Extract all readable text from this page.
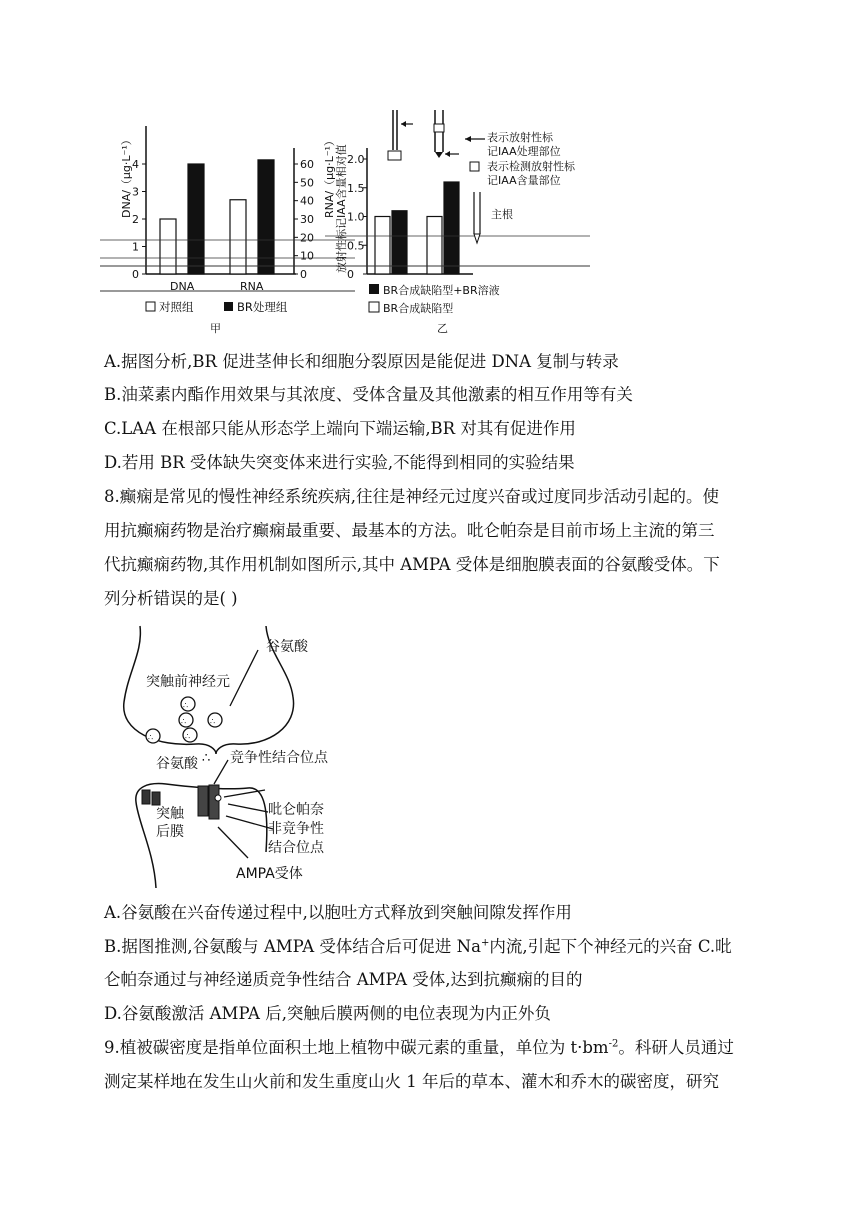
0
1
2
3
4
0
10
20
30
40
50
60
DNA/（μg·L⁻¹）	RNA/（μg·L⁻¹）
DNA	RNA
对照组	BR处理组
甲
0
0.5
1.0
1.5
2.0
放射性标记IAA含量相对值
表示放射性标
记IAA处理部位
表示检测放射性标
记IAA含量部位
主根
BR合成缺陷型+BR溶液
BR合成缺陷型
乙
A.据图分析,BR 促进茎伸长和细胞分裂原因是能促进 DNA 复制与转录
B.油菜素内酯作用效果与其浓度、受体含量及其他激素的相互作用等有关
C.LAA 在根部只能从形态学上端向下端运输,BR 对其有促进作用
D.若用 BR 受体缺失突变体来进行实验,不能得到相同的实验结果
8.癫痫是常见的慢性神经系统疾病,往往是神经元过度兴奋或过度同步活动引起的。使
用抗癫痫药物是治疗癫痫最重要、最基本的方法。吡仑帕奈是目前市场上主流的第三
代抗癫痫药物,其作用机制如图所示,其中 AMPA 受体是细胞膜表面的谷氨酸受体。下
列分析错误的是( )
∴
∴	∴
∴	∴
∴
突触前神经元
谷氨酸
谷氨酸 竞争性结合位点
突触
后膜
吡仑帕奈
非竞争性
结合位点
AMPA受体
A.谷氨酸在兴奋传递过程中,以胞吐方式释放到突触间隙发挥作用
B.据图推测,谷氨酸与 AMPA 受体结合后可促进 Na+内流,引起下个神经元的兴奋 C.吡
仑帕奈通过与神经递质竞争性结合 AMPA 受体,达到抗癫痫的目的
D.谷氨酸激活 AMPA 后,突触后膜两侧的电位表现为内正外负
9.植被碳密度是指单位面积土地上植物中碳元素的重量，单位为 $t\cdot bm^{-2}$。科研人员通过
测定某样地在发生山火前和发生重度山火 1 年后的草本、灌木和乔木的碳密度，研究
